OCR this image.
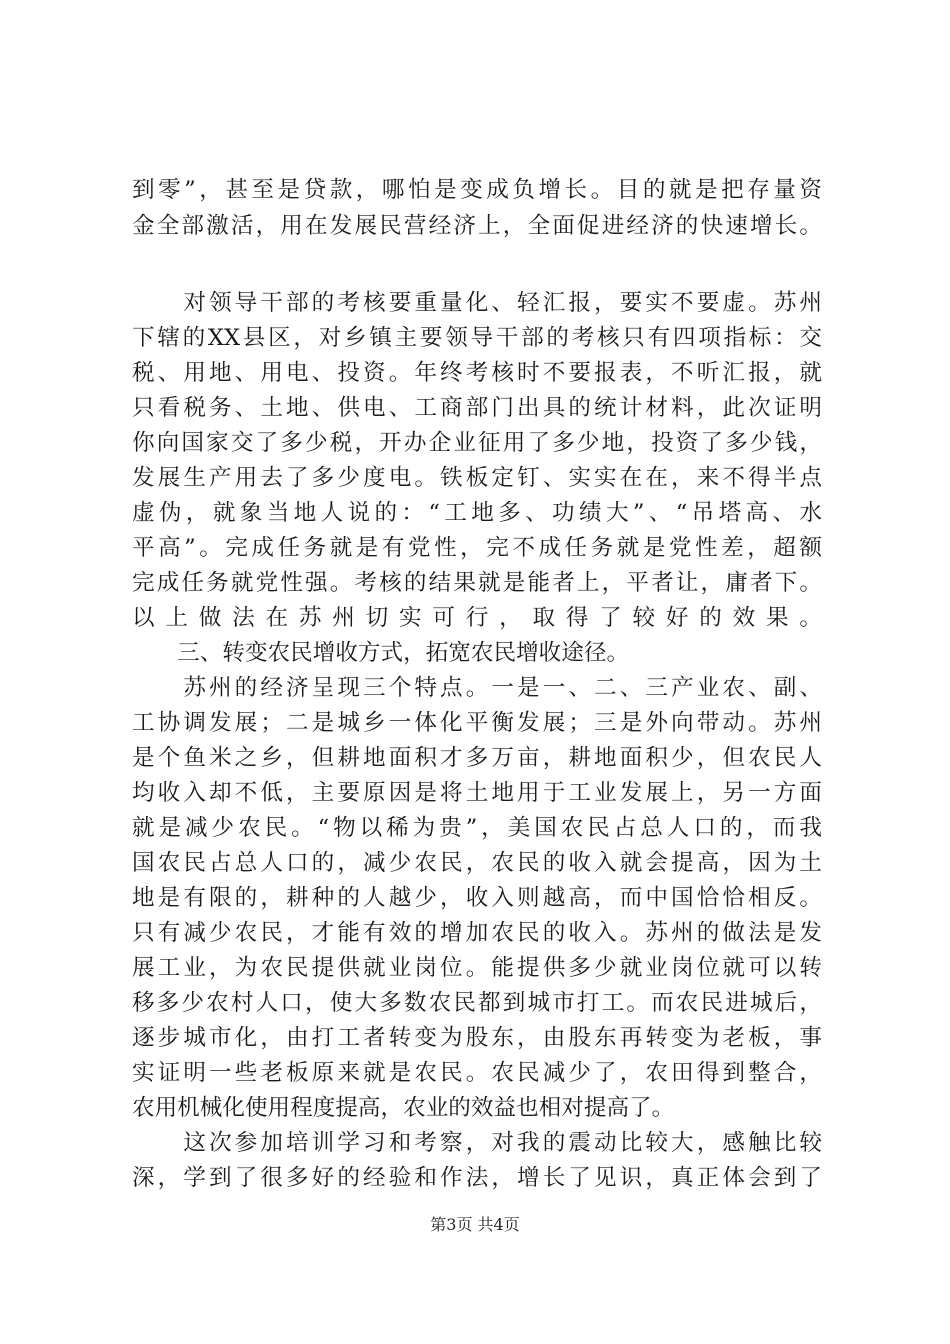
到零”，甚至是贷款，哪怕是变成负增长。目的就是把存量资
金全部激活，用在发展民营经济上，全面促进经济的快速增长。
　　对领导干部的考核要重量化、轻汇报，要实不要虚。苏州
下辖的XX县区，对乡镇主要领导干部的考核只有四项指标：交
税、用地、用电、投资。年终考核时不要报表，不听汇报，就
只看税务、土地、供电、工商部门出具的统计材料，此次证明
你向国家交了多少税，开办企业征用了多少地，投资了多少钱，
发展生产用去了多少度电。铁板定钉、实实在在，来不得半点
虚伪，就象当地人说的：“工地多、功绩大”、“吊塔高、水
平高”。完成任务就是有党性，完不成任务就是党性差，超额
完成任务就党性强。考核的结果就是能者上，平者让，庸者下。
以上做法在苏州切实可行，取得了较好的效果。
　　三、转变农民增收方式，拓宽农民增收途径。
　　苏州的经济呈现三个特点。一是一、二、三产业农、副、
工协调发展；二是城乡一体化平衡发展；三是外向带动。苏州
是个鱼米之乡，但耕地面积才多万亩，耕地面积少，但农民人
均收入却不低，主要原因是将土地用于工业发展上，另一方面
就是减少农民。“物以稀为贵”，美国农民占总人口的，而我
国农民占总人口的，减少农民，农民的收入就会提高，因为土
地是有限的，耕种的人越少，收入则越高，而中国恰恰相反。
只有减少农民，才能有效的增加农民的收入。苏州的做法是发
展工业，为农民提供就业岗位。能提供多少就业岗位就可以转
移多少农村人口，使大多数农民都到城市打工。而农民进城后，
逐步城市化，由打工者转变为股东，由股东再转变为老板，事
实证明一些老板原来就是农民。农民减少了，农田得到整合，
农用机械化使用程度提高，农业的效益也相对提高了。
　　这次参加培训学习和考察，对我的震动比较大，感触比较
深，学到了很多好的经验和作法，增长了见识，真正体会到了
第3页 共4页
